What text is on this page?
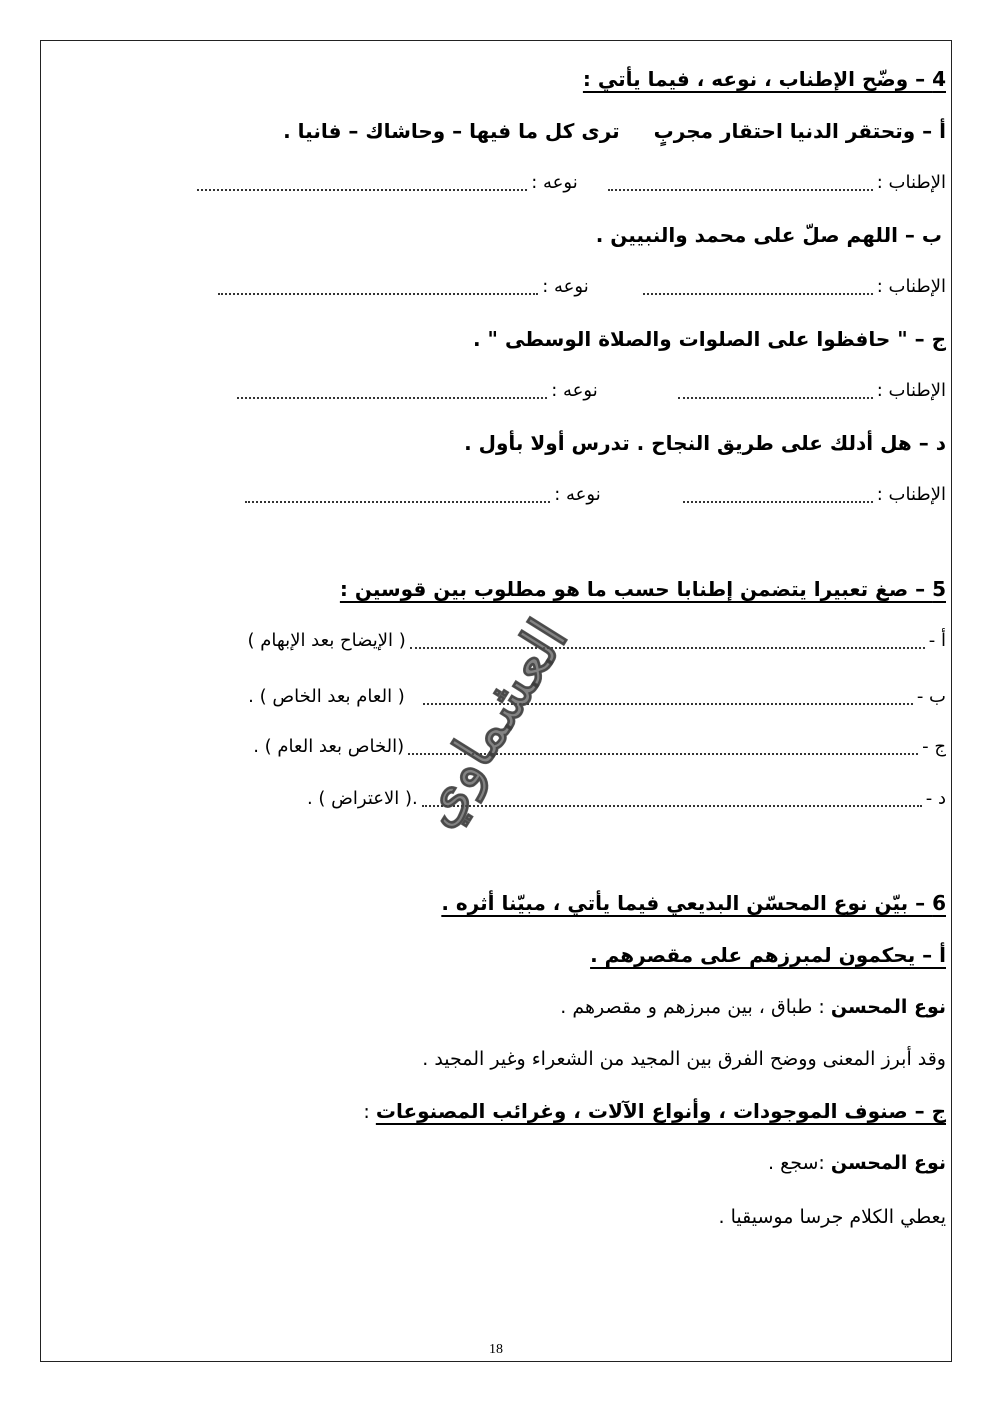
4 – وضّح الإطناب ، نوعه ، فيما يأتي :
أ – وتحتقر الدنيا احتقار مجربٍترى كل ما فيها – وحاشاك – فانيا .
الإطناب :نوعه :
ب – اللهم صلّ على محمد والنبيين .
الإطناب :نوعه :
ج – " حافظوا على الصلوات والصلاة الوسطى " .
الإطناب :نوعه :
د – هل أدلك على طريق النجاح . تدرس أولا بأول .
الإطناب :نوعه :
5 – صغ تعبيرا يتضمن إطنابا حسب ما هو مطلوب بين قوسين :
أ -( الإيضاح بعد الإبهام )
ب -( العام بعد الخاص ) .
ج -(الخاص بعد العام ) .
د -.( الاعتراض ) .
العشماوي
6 – بيّن نوع المحسّن البديعي فيما يأتي ، مبيّنا أثره .
أ – يحكمون لمبرزهم على مقصرهم .
نوع المحسن : طباق ، بين مبرزهم و مقصرهم .
وقد أبرز المعنى ووضح الفرق بين المجيد من الشعراء وغير المجيد .
ج – صنوف الموجودات ، وأنواع الآلات ، وغرائب المصنوعات :
نوع المحسن :سجع .
يعطي الكلام جرسا موسيقيا .
18
